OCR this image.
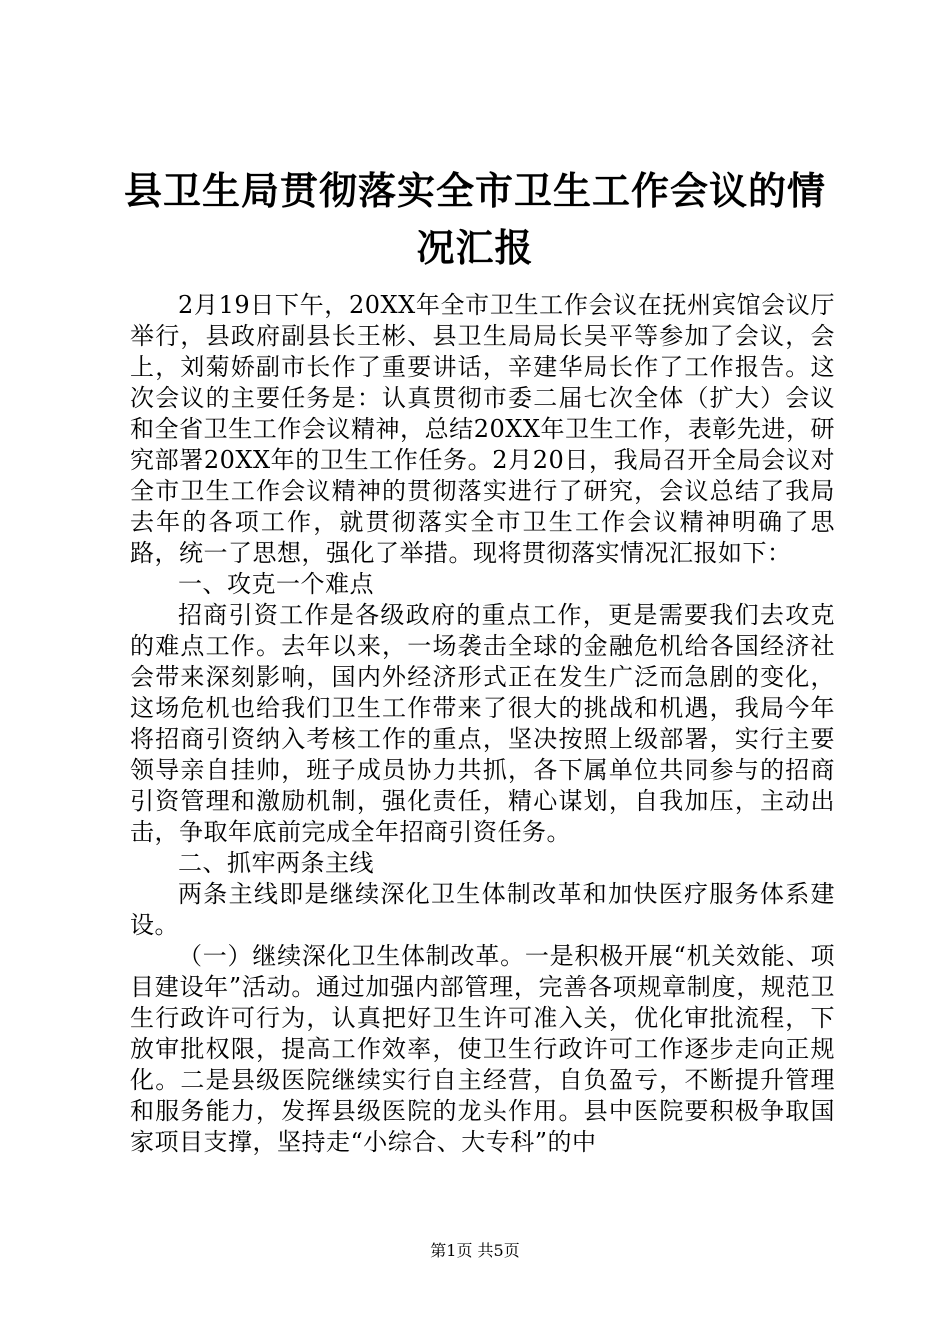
县卫生局贯彻落实全市卫生工作会议的情况汇报

2月19日下午，20XX年全市卫生工作会议在抚州宾馆会议厅举行，县政府副县长王彬、县卫生局局长吴平等参加了会议，会上，刘菊娇副市长作了重要讲话，辛建华局长作了工作报告。这次会议的主要任务是：认真贯彻市委二届七次全体（扩大）会议和全省卫生工作会议精神，总结20XX年卫生工作，表彰先进，研究部署20XX年的卫生工作任务。2月20日，我局召开全局会议对全市卫生工作会议精神的贯彻落实进行了研究，会议总结了我局去年的各项工作，就贯彻落实全市卫生工作会议精神明确了思路，统一了思想，强化了举措。现将贯彻落实情况汇报如下：

一、攻克一个难点

招商引资工作是各级政府的重点工作，更是需要我们去攻克的难点工作。去年以来，一场袭击全球的金融危机给各国经济社会带来深刻影响，国内外经济形式正在发生广泛而急剧的变化，这场危机也给我们卫生工作带来了很大的挑战和机遇，我局今年将招商引资纳入考核工作的重点，坚决按照上级部署，实行主要领导亲自挂帅，班子成员协力共抓，各下属单位共同参与的招商引资管理和激励机制，强化责任，精心谋划，自我加压，主动出击，争取年底前完成全年招商引资任务。

二、抓牢两条主线

两条主线即是继续深化卫生体制改革和加快医疗服务体系建设。

（一）继续深化卫生体制改革。一是积极开展“机关效能、项目建设年”活动。通过加强内部管理，完善各项规章制度，规范卫生行政许可行为，认真把好卫生许可准入关，优化审批流程，下放审批权限，提高工作效率，使卫生行政许可工作逐步走向正规化。二是县级医院继续实行自主经营，自负盈亏，不断提升管理和服务能力，发挥县级医院的龙头作用。县中医院要积极争取国家项目支撑，坚持走“小综合、大专科”的中

第1页 共5页
